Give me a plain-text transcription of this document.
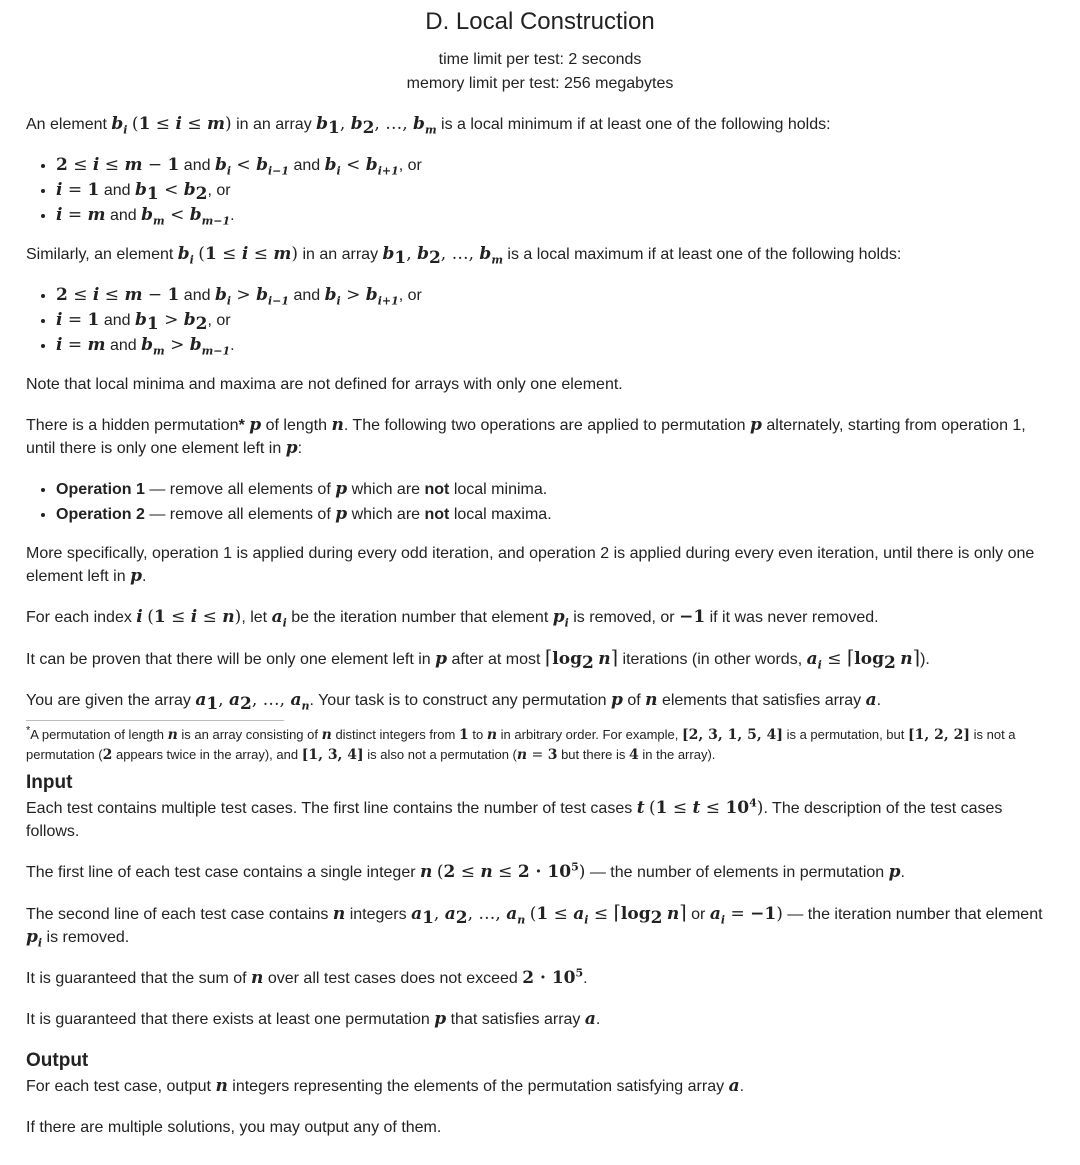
D. Local Construction
time limit per test: 2 seconds
memory limit per test: 256 megabytes

An element $b_i$ (1 ≤ i ≤ m) in an array $b_1$, $b_2$, …, $b_m$ is a local minimum if at least one of the following holds:

• 2 ≤ i ≤ m − 1 and $b_i < b_{i-1}$ and $b_i < b_{i+1}$, or
• i = 1 and $b_1 < b_2$, or
• i = m and $b_m < b_{m-1}$.

Similarly, an element $b_i$ (1 ≤ i ≤ m) in an array $b_1$, $b_2$, …, $b_m$ is a local maximum if at least one of the following holds:

• 2 ≤ i ≤ m − 1 and $b_i > b_{i-1}$ and $b_i > b_{i+1}$, or
• i = 1 and $b_1 > b_2$, or
• i = m and $b_m > b_{m-1}$.

Note that local minima and maxima are not defined for arrays with only one element.

There is a hidden permutation* p of length n. The following two operations are applied to permutation p alternately, starting from operation 1, until there is only one element left in p:

• Operation 1 — remove all elements of p which are not local minima.
• Operation 2 — remove all elements of p which are not local maxima.

More specifically, operation 1 is applied during every odd iteration, and operation 2 is applied during every even iteration, until there is only one element left in p.

For each index i (1 ≤ i ≤ n), let $a_i$ be the iteration number that element $p_i$ is removed, or −1 if it was never removed.

It can be proven that there will be only one element left in p after at most $⌈\log_2$ n⌉ iterations (in other words, $a_i$ ≤ $⌈\log_2$ n⌉).

You are given the array $a_1$, $a_2$, …, $a_n$. Your task is to construct any permutation p of n elements that satisfies array a.

*A permutation of length n is an array consisting of n distinct integers from 1 to n in arbitrary order. For example, [2, 3, 1, 5, 4] is a permutation, but [1, 2, 2] is not a permutation (2 appears twice in the array), and [1, 3, 4] is also not a permutation (n = 3 but there is 4 in the array).
Input

Each test contains multiple test cases. The first line contains the number of test cases t $(1 \le t \le 10^4)$. The description of the test cases follows.

The first line of each test case contains a single integer n $(2 \le n \le 2 \cdot 10^5)$ — the number of elements in permutation p.

The second line of each test case contains n integers $a_1$, $a_2$, …, $a_n$ ($1 \le a_i$ ≤ $⌈\log_2$ n⌉ or $a_i = -1$) — the iteration number that element $p_i$ is removed.

It is guaranteed that the sum of n over all test cases does not exceed $2 \cdot 10^5$.

It is guaranteed that there exists at least one permutation p that satisfies array a.

Output

For each test case, output n integers representing the elements of the permutation satisfying array a.

If there are multiple solutions, you may output any of them.
